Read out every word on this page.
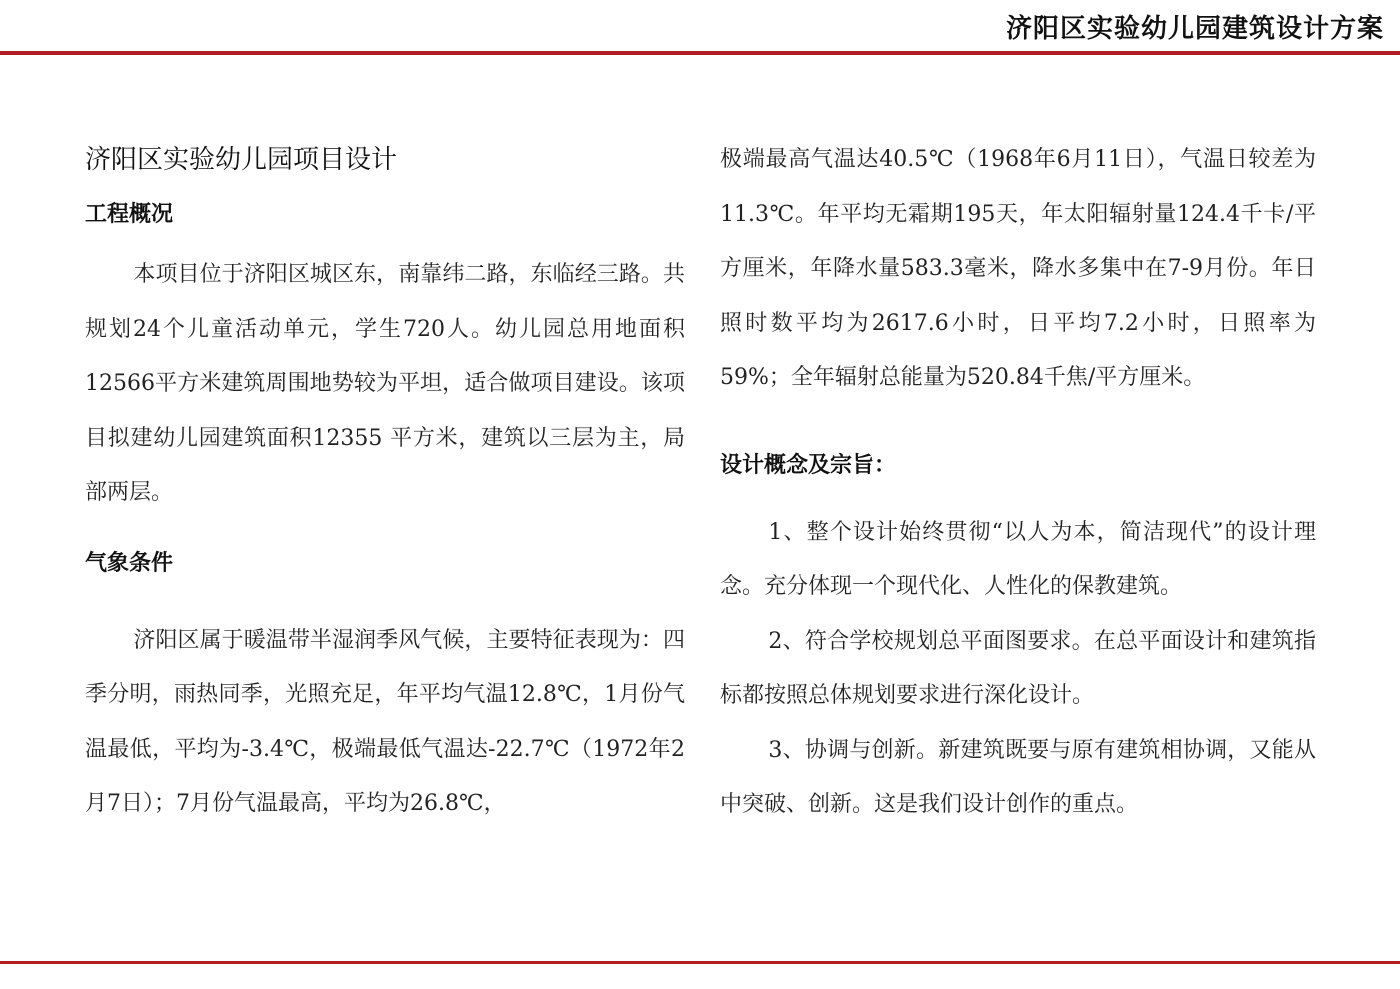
济阳区实验幼儿园建筑设计方案
济阳区实验幼儿园项目设计
工程概况

本项目位于济阳区城区东，南靠纬二路，东临经三路。共规划24个儿童活动单元，学生720人。幼儿园总用地面积12566平方米建筑周围地势较为平坦，适合做项目建设。该项目拟建幼儿园建筑面积12355 平方米，建筑以三层为主，局部两层。

气象条件

济阳区属于暖温带半湿润季风气候，主要特征表现为：四季分明，雨热同季，光照充足，年平均气温12.8℃，1月份气温最低，平均为-3.4℃，极端最低气温达-22.7℃（1972年2月7日）；7月份气温最高，平均为26.8℃，

极端最高气温达40.5℃（1968年6月11日），气温日较差为11.3℃。年平均无霜期195天，年太阳辐射量124.4千卡/平方厘米，年降水量583.3毫米，降水多集中在7-9月份。年日照时数平均为2617.6小时，日平均7.2小时，日照率为59%；全年辐射总能量为520.84千焦/平方厘米。

设计概念及宗旨：

1、整个设计始终贯彻“以人为本，简洁现代”的设计理念。充分体现一个现代化、人性化的保教建筑。

2、符合学校规划总平面图要求。在总平面设计和建筑指标都按照总体规划要求进行深化设计。

3、协调与创新。新建筑既要与原有建筑相协调，又能从中突破、创新。这是我们设计创作的重点。
